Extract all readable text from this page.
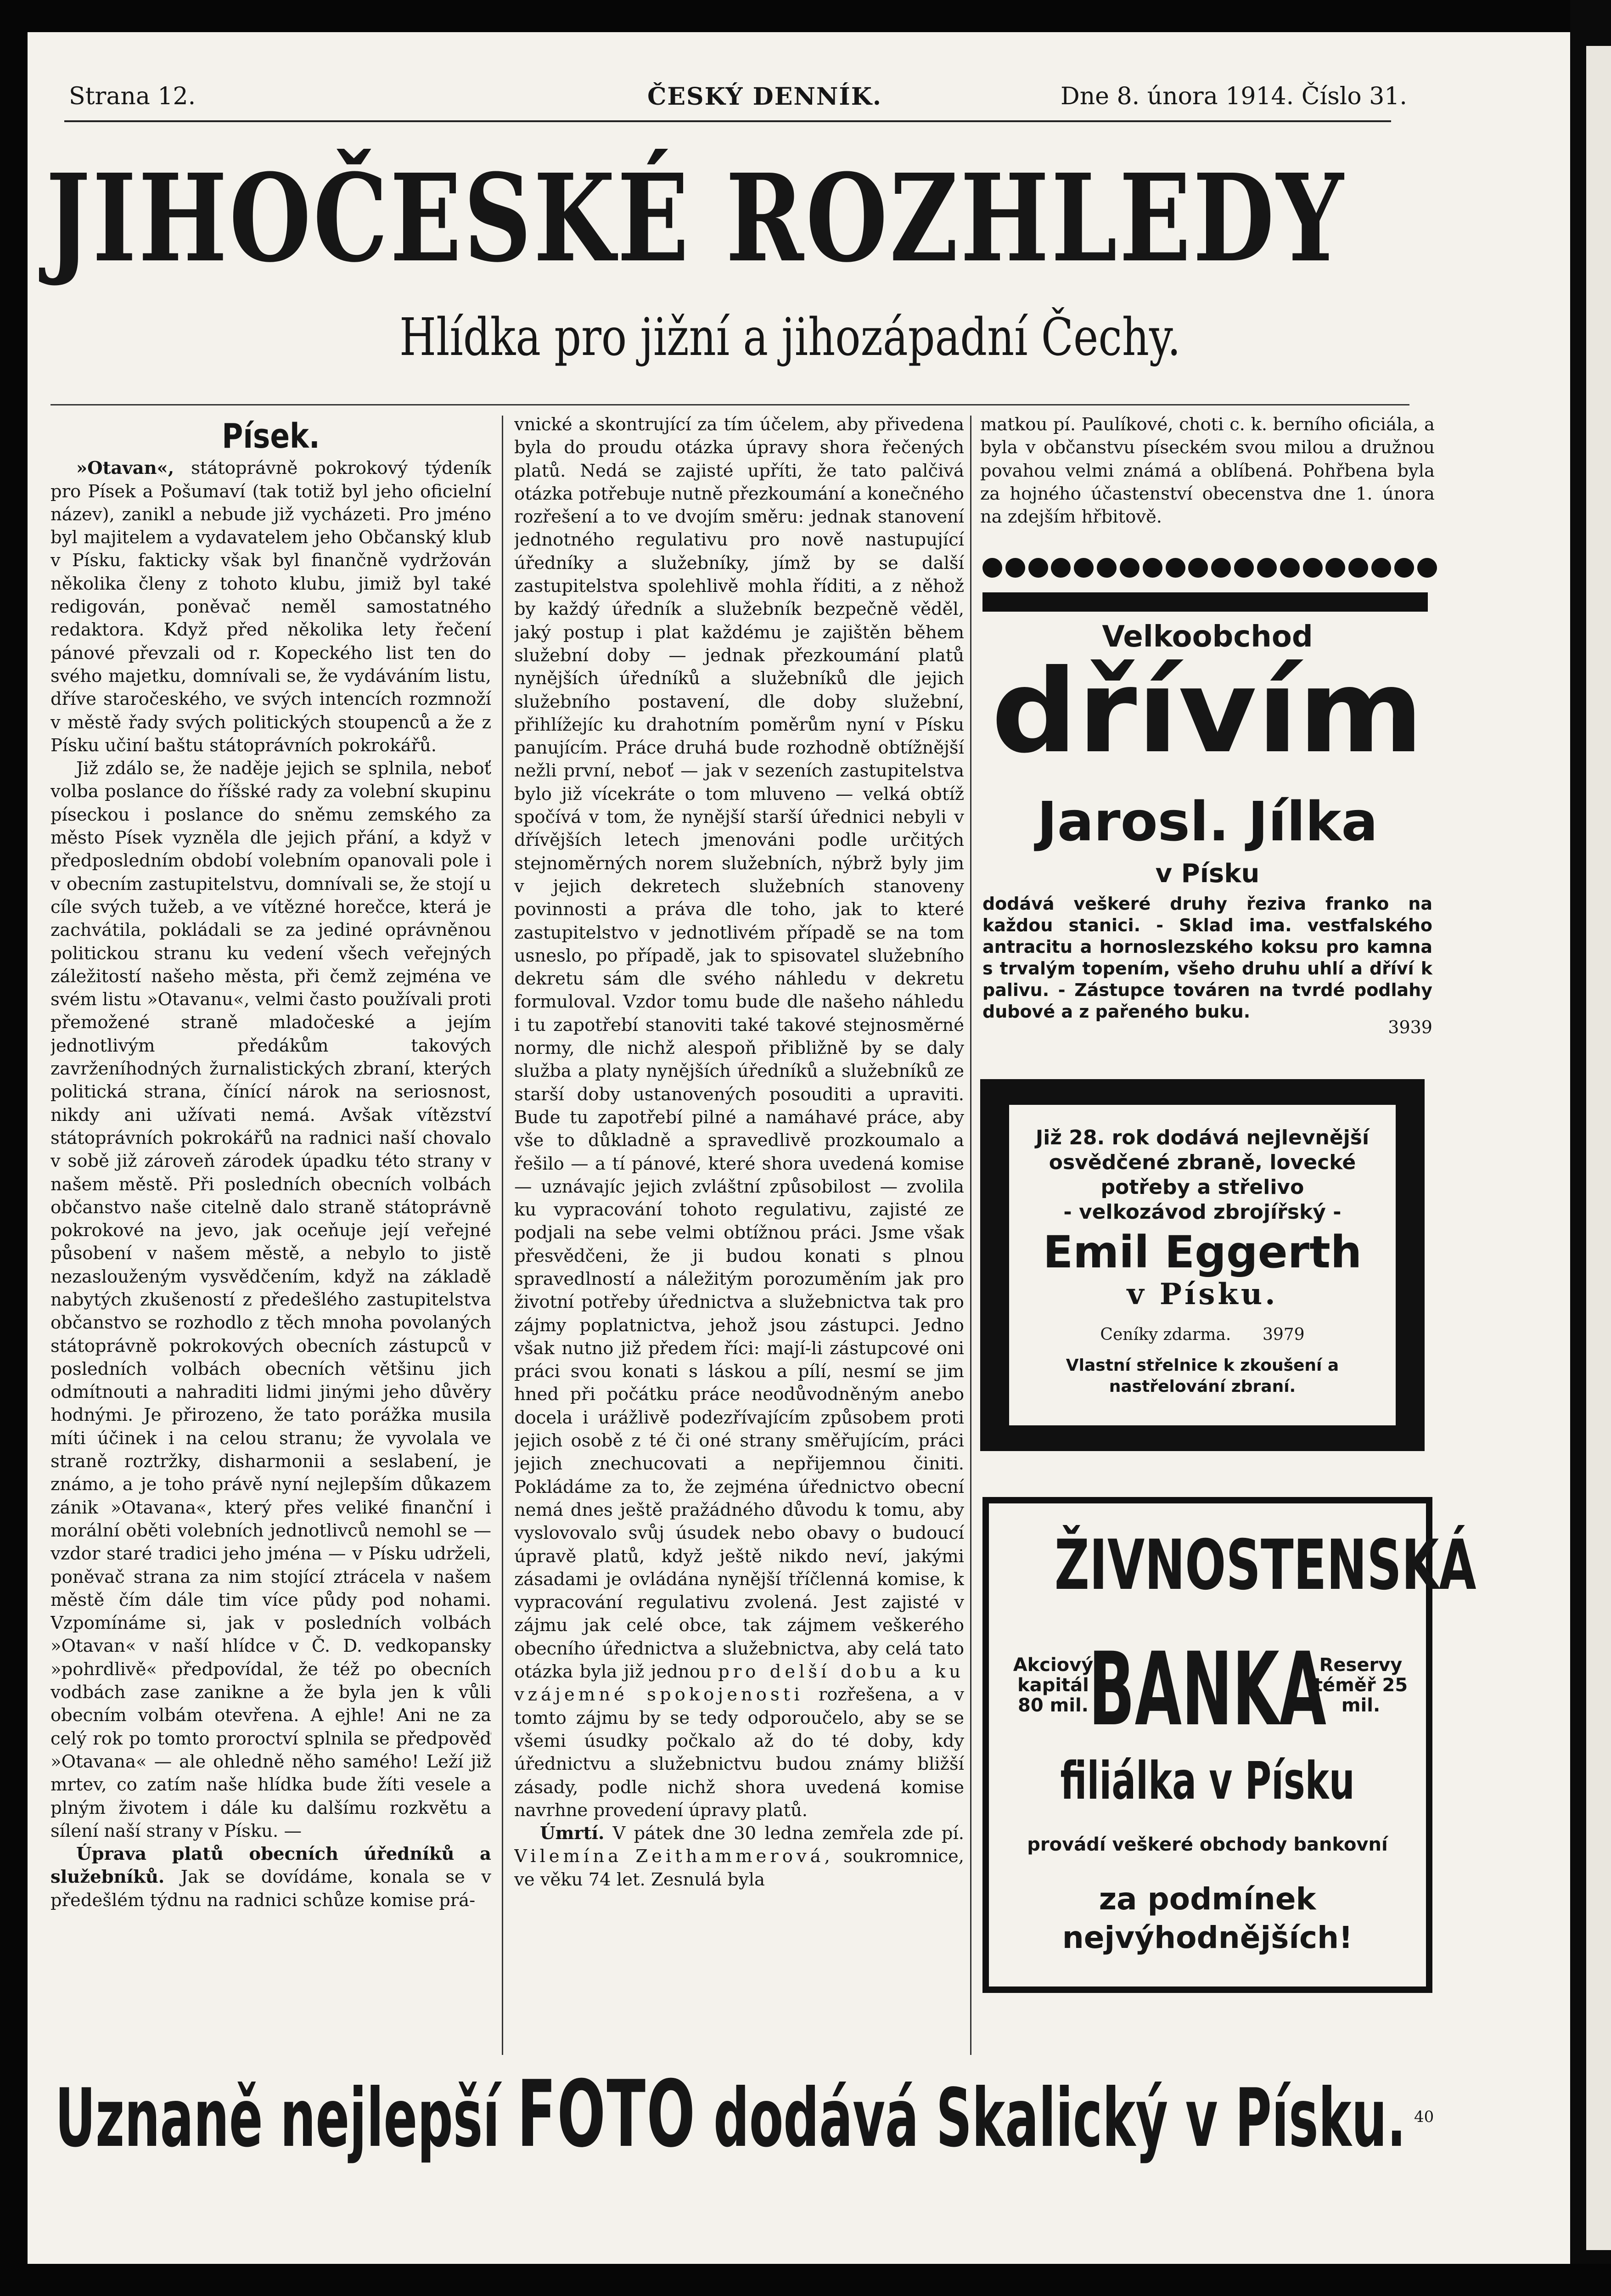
Strana 12.	ČESKÝ DENNÍK.	Dne 8. února 1914. Číslo 31.
JIHOČESKÉ ROZHLEDY
Hlídka pro jižní a jihozápadní Čechy.
Písek.

»Otavan«, státoprávně pokrokový týdeník pro Písek a Pošumaví (tak totiž byl jeho oficielní název), zanikl a nebude již vycházeti. Pro jméno byl majitelem a vydavatelem jeho Občanský klub v Písku, fakticky však byl finančně vydržován několika členy z tohoto klubu, jimiž byl také redigován, poněvač neměl samostatného redaktora. Když před několika lety řečení pánové převzali od r. Kopeckého list ten do svého majetku, domnívali se, že vydáváním listu, dříve staročeského, ve svých intencích rozmnoží v městě řady svých politických stoupenců a že z Písku učiní baštu státoprávních pokrokářů.

Již zdálo se, že naděje jejich se splnila, neboť volba poslance do říšské rady za volební skupinu píseckou i poslance do sněmu zemského za město Písek vyzněla dle jejich přání, a když v předposledním období volebním opanovali pole i v obecním zastupitelstvu, domnívali se, že stojí u cíle svých tužeb, a ve vítězné horečce, která je zachvátila, pokládali se za jediné oprávněnou politickou stranu ku vedení všech veřejných záležitostí našeho města, při čemž zejména ve svém listu »Otavanu«, velmi často používali proti přemožené straně mladočeské a jejím jednotlivým předákům takových zavrženíhodných žurnalistických zbraní, kterých politická strana, čínící nárok na seriosnost, nikdy ani užívati nemá. Avšak vítězství státoprávních pokrokářů na radnici naší chovalo v sobě již zároveň zárodek úpadku této strany v našem městě. Při posledních obecních volbách občanstvo naše citelně dalo straně státoprávně pokrokové na jevo, jak oceňuje její veřejné působení v našem městě, a nebylo to jistě nezaslouženým vysvědčením, když na základě nabytých zkušeností z předešlého zastupitelstva občanstvo se rozhodlo z těch mnoha povolaných státoprávně pokrokových obecních zástupců v posledních volbách obecních většinu jich odmítnouti a nahraditi lidmi jinými jeho důvěry hodnými. Je přirozeno, že tato porážka musila míti účinek i na celou stranu; že vyvolala ve straně roztržky, disharmonii a seslabení, je známo, a je toho právě nyní nejlepším důkazem zánik »Otavana«, který přes veliké finanční i morální oběti volebních jednotlivců nemohl se — vzdor staré tradici jeho jména — v Písku udrželi, poněvač strana za nim stojící ztrácela v našem městě čím dále tim více půdy pod nohami. Vzpomínáme si, jak v posledních volbách »Otavan« v naší hlídce v Č. D. vedkopansky »pohrdlivě« předpovídal, že též po obecních vodbách zase zanikne a že byla jen k vůli obecním volbám otevřena. A ejhle! Ani ne za celý rok po tomto proroctví splnila se předpověď »Otavana« — ale ohledně něho samého! Leží již mrtev, co zatím naše hlídka bude žíti vesele a plným životem i dále ku dalšímu rozkvětu a sílení naší strany v Písku. —

Úprava platů obecních úředníků a služebníků. Jak se dovídáme, konala se v předešlém týdnu na radnici schůze komise prá-

vnické a skontrující za tím účelem, aby přivedena byla do proudu otázka úpravy shora řečených platů. Nedá se zajisté upříti, že tato palčivá otázka potřebuje nutně přezkoumání a konečného rozřešení a to ve dvojím směru: jednak stanovení jednotného regulativu pro nově nastupující úředníky a služebníky, jímž by se další zastupitelstva spolehlivě mohla říditi, a z něhož by každý úředník a služebník bezpečně věděl, jaký postup i plat každému je zajištěn během služební doby — jednak přezkoumání platů nynějších úředníků a služebníků dle jejich služebního postavení, dle doby služební, přihlížejíc ku drahotním poměrům nyní v Písku panujícím. Práce druhá bude rozhodně obtížnější nežli první, neboť — jak v sezeních zastupitelstva bylo již vícekráte o tom mluveno — velká obtíž spočívá v tom, že nynější starší úřednici nebyli v dřívějších letech jmenováni podle určitých stejnoměrných norem služebních, nýbrž byly jim v jejich dekretech služebních stanoveny povinnosti a práva dle toho, jak to které zastupitelstvo v jednotlivém případě se na tom usneslo, po případě, jak to spisovatel služebního dekretu sám dle svého náhledu v dekretu formuloval. Vzdor tomu bude dle našeho náhledu i tu zapotřebí stanoviti také takové stejnosměrné normy, dle nichž alespoň přibližně by se daly služba a platy nynějších úředníků a služebníků ze starší doby ustanovených posouditi a upraviti. Bude tu zapotřebí pilné a namáhavé práce, aby vše to důkladně a spravedlivě prozkoumalo a řešilo — a tí pánové, které shora uvedená komise — uznávajíc jejich zvláštní způsobilost — zvolila ku vypracování tohoto regulativu, zajisté ze podjali na sebe velmi obtížnou práci. Jsme však přesvědčeni, že ji budou konati s plnou spravedlností a náležitým porozuměním jak pro životní potřeby úřednictva a služebnictva tak pro zájmy poplatnictva, jehož jsou zástupci. Jedno však nutno již předem říci: mají-li zástupcové oni práci svou konati s láskou a pílí, nesmí se jim hned při počátku práce neodůvodněným anebo docela i urážlivě podezřívajícím způsobem proti jejich osobě z té či oné strany směřujícím, práci jejich znechucovati a nepřijemnou činiti. Pokládáme za to, že zejména úřednictvo obecní nemá dnes ještě pražádného důvodu k tomu, aby vyslovovalo svůj úsudek nebo obavy o budoucí úpravě platů, když ještě nikdo neví, jakými zásadami je ovládána nynější tříčlenná komise, k vypracování regulativu zvolená. Jest zajisté v zájmu jak celé obce, tak zájmem veškerého obecního úřednictva a služebnictva, aby celá tato otázka byla již jednou pro delší dobu a ku vzájemné spokojenosti rozřešena, a v tomto zájmu by se tedy odporoučelo, aby se se všemi úsudky počkalo až do té doby, kdy úřednictvu a služebnictvu budou známy bližší zásady, podle nichž shora uvedená komise navrhne provedení úpravy platů.

Úmrtí. V pátek dne 30 ledna zemřela zde pí. Vilemína Zeithammerová, soukromnice, ve věku 74 let. Zesnulá byla

matkou pí. Paulíkové, choti c. k. berního oficiála, a byla v občanstvu píseckém svou milou a družnou povahou velmi známá a oblíbená. Pohřbena byla za hojného účastenství obecenstva dne 1. února na zdejším hřbitově.

Velkoobchod
dřívím
Jarosl. Jílka
v Písku
dodává veškeré druhy řeziva franko na každou stanici. - Sklad ima. vestfalského antracitu a hornoslezského koksu pro kamna s trvalým topením, všeho druhu uhlí a dříví k palivu. - Zástupce továren na tvrdé podlahy dubové a z pařeného buku.
3939
Již 28. rok dodává nejlevnější osvědčené zbraně, lovecké potřeby a střelivo
- velkozávod zbrojířský -
Emil Eggerth
v Písku.
Ceníky zdarma. 3979
Vlastní střelnice k zkoušení a nastřelování zbraní.
ŽIVNOSTENSKÁ
Akciový kapitál 80 mil. BANKA
Reservy téměř 25 mil.
filiálka v Písku
provádí veškeré obchody bankovní
za podmínek
nejvýhodnějších!
Uznaně nejlepší FOTO dodává Skalický v Písku. 40
